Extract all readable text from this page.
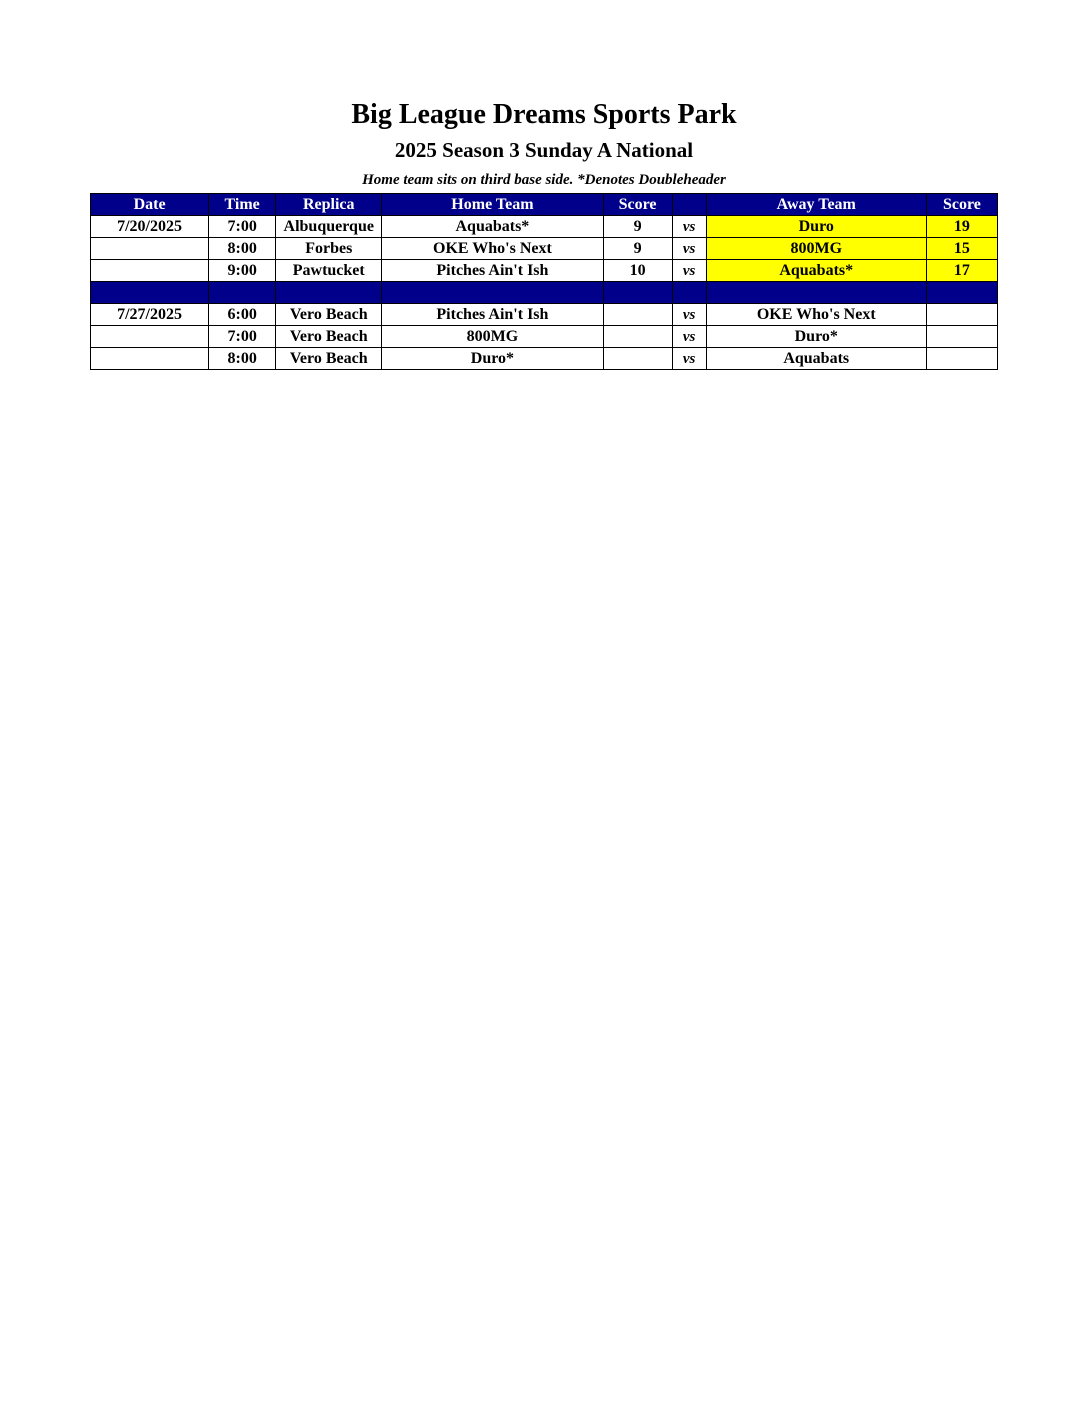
Big League Dreams Sports Park
2025 Season 3 Sunday A National
Home team sits on third base side. *Denotes Doubleheader
Date	Time	Replica	Home Team	Score		Away Team	Score
7/20/2025	7:00	Albuquerque	Aquabats*	9	vs	Duro	19
	8:00	Forbes	OKE Who's Next	9	vs	800MG	15
	9:00	Pawtucket	Pitches Ain't Ish	10	vs	Aquabats*	17

7/27/2025	6:00	Vero Beach	Pitches Ain't Ish		vs	OKE Who's Next	
	7:00	Vero Beach	800MG		vs	Duro*	
	8:00	Vero Beach	Duro*		vs	Aquabats	
